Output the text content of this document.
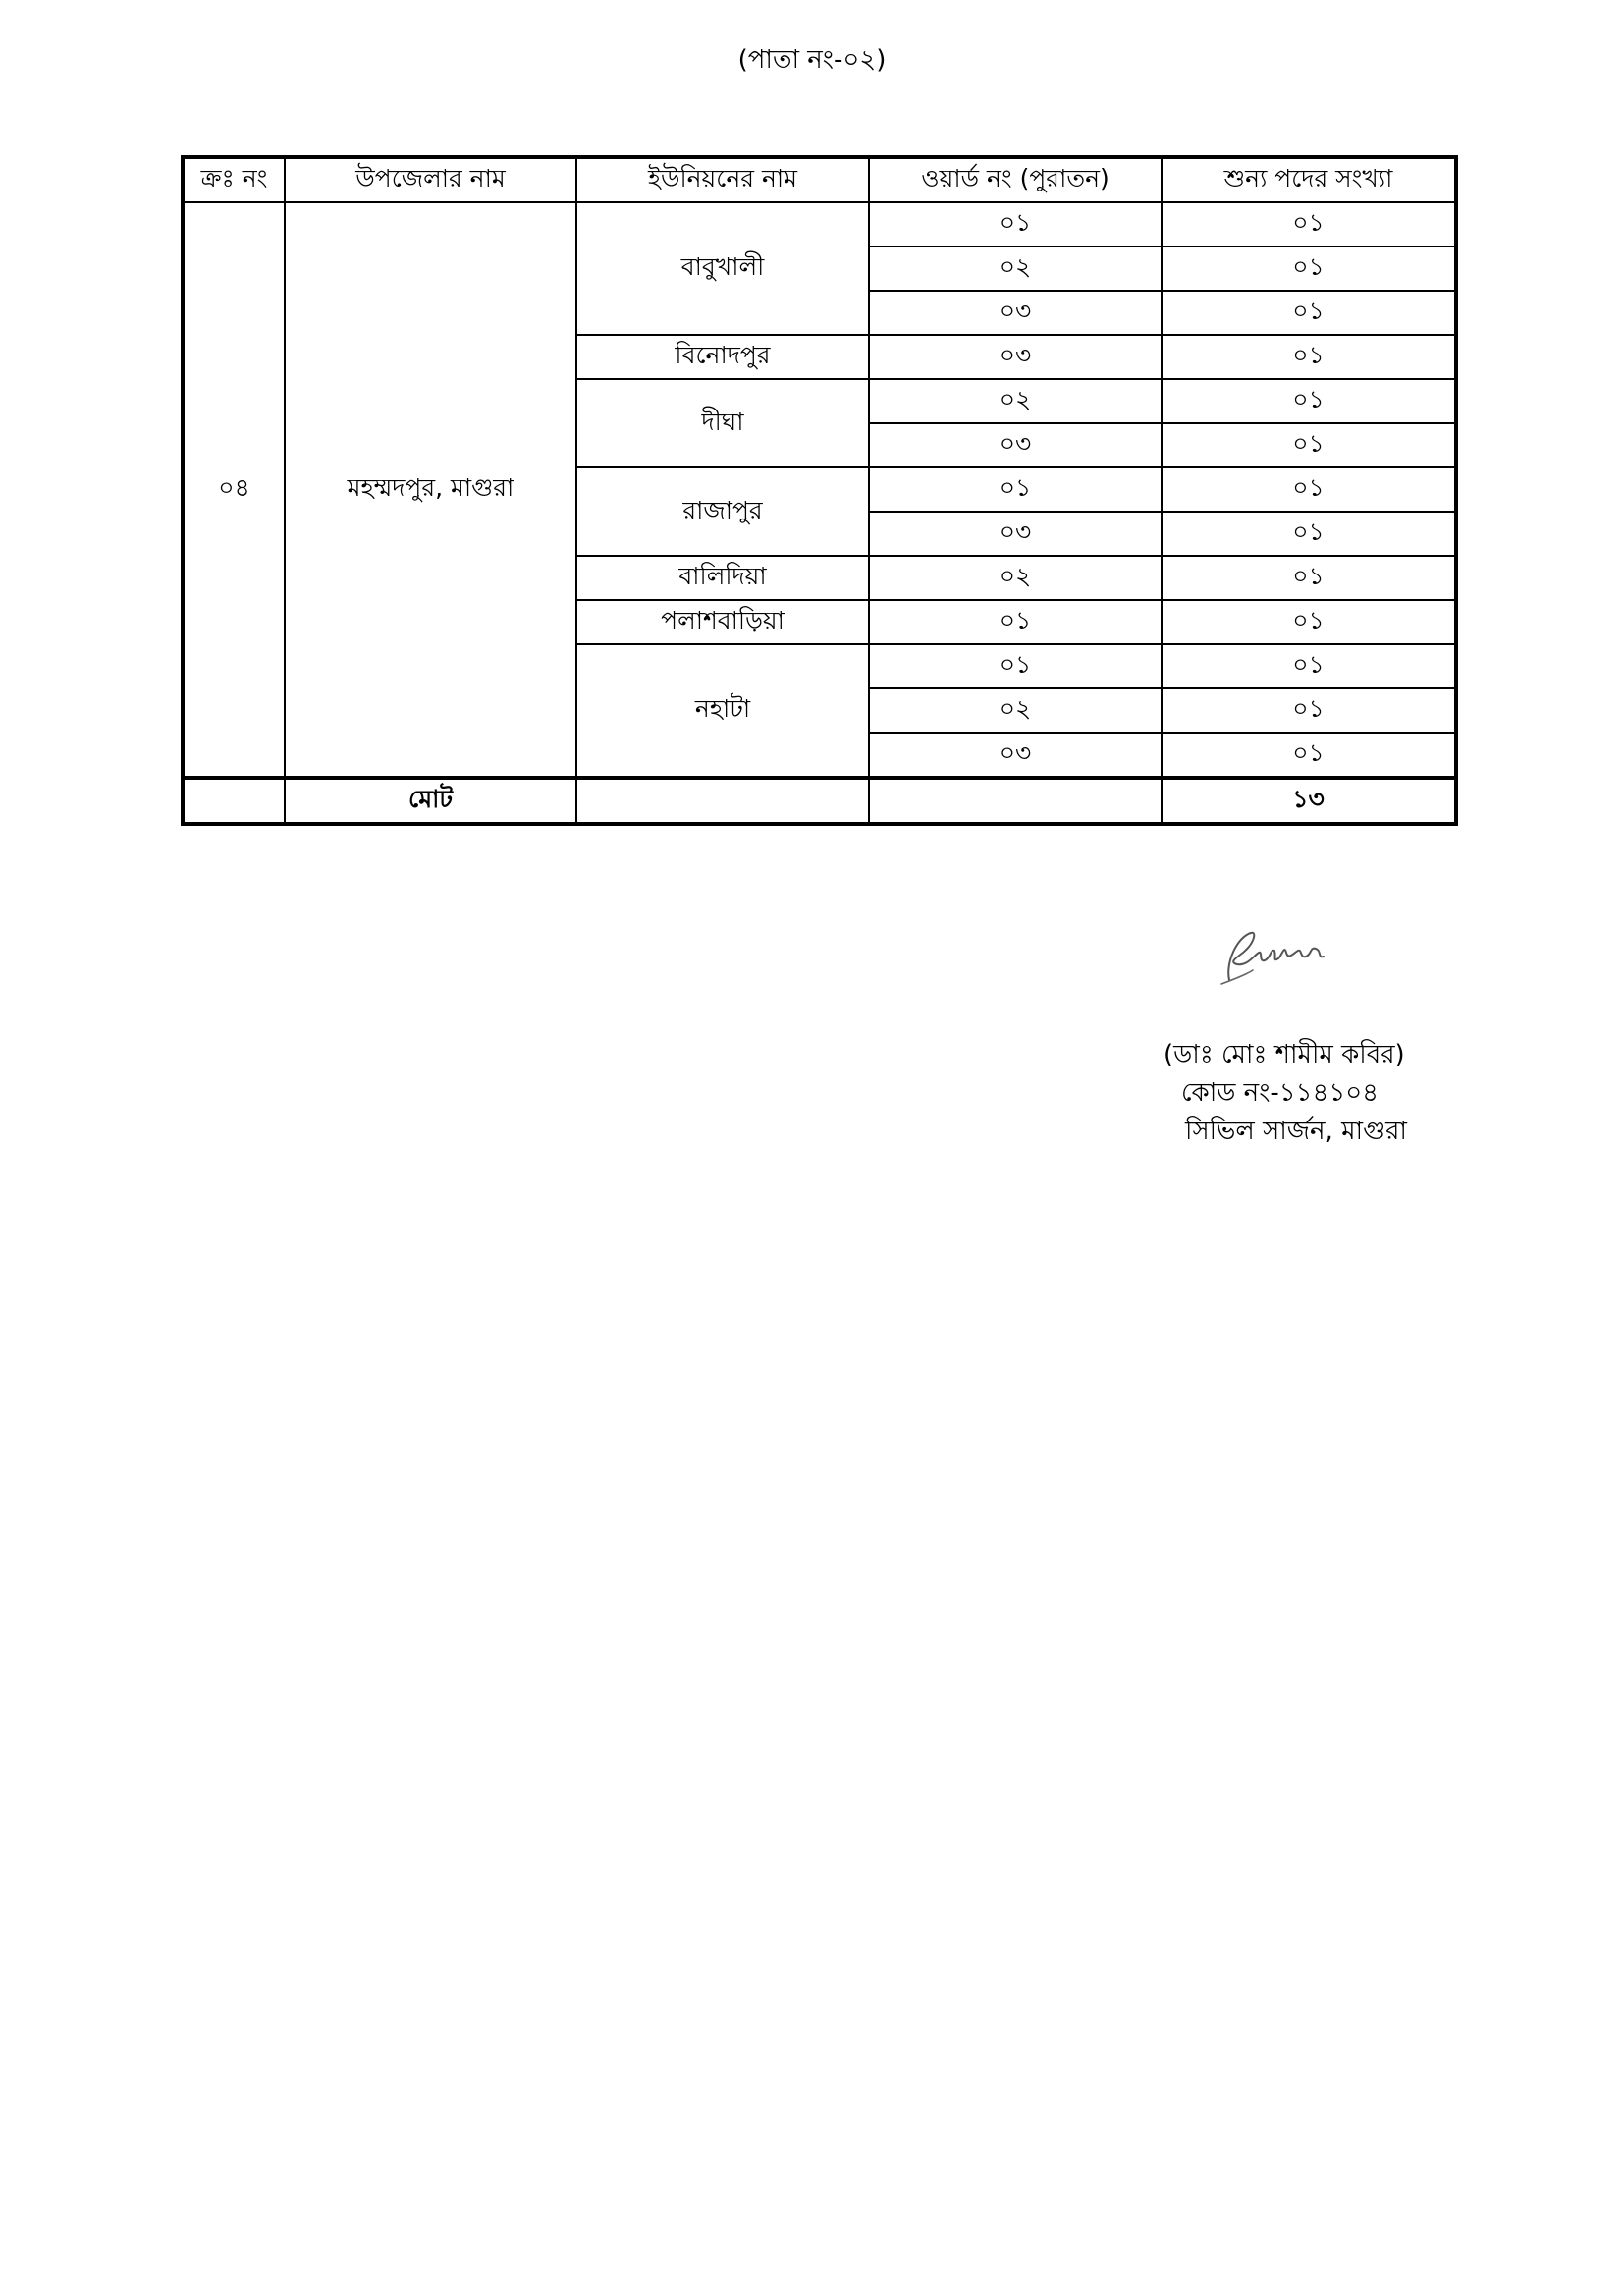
(পাতা নং-০২)
ক্রঃ নং	উপজেলার নাম	ইউনিয়নের নাম	ওয়ার্ড নং (পুরাতন)	শুন্য পদের সংখ্যা
০৪	মহম্মদপুর, মাগুরা	বাবুখালী	০১	০১
			০২	০১
			০৩	০১
		বিনোদপুর	০৩	০১
		দীঘা	০২	০১
			০৩	০১
		রাজাপুর	০১	০১
			০৩	০১
		বালিদিয়া	০২	০১
		পলাশবাড়িয়া	০১	০১
		নহাটা	০১	০১
			০২	০১
			০৩	০১
	মোট			১৩
(ডাঃ মোঃ শামীম কবির)
কোড নং-১১৪১০৪
সিভিল সার্জন, মাগুরা
